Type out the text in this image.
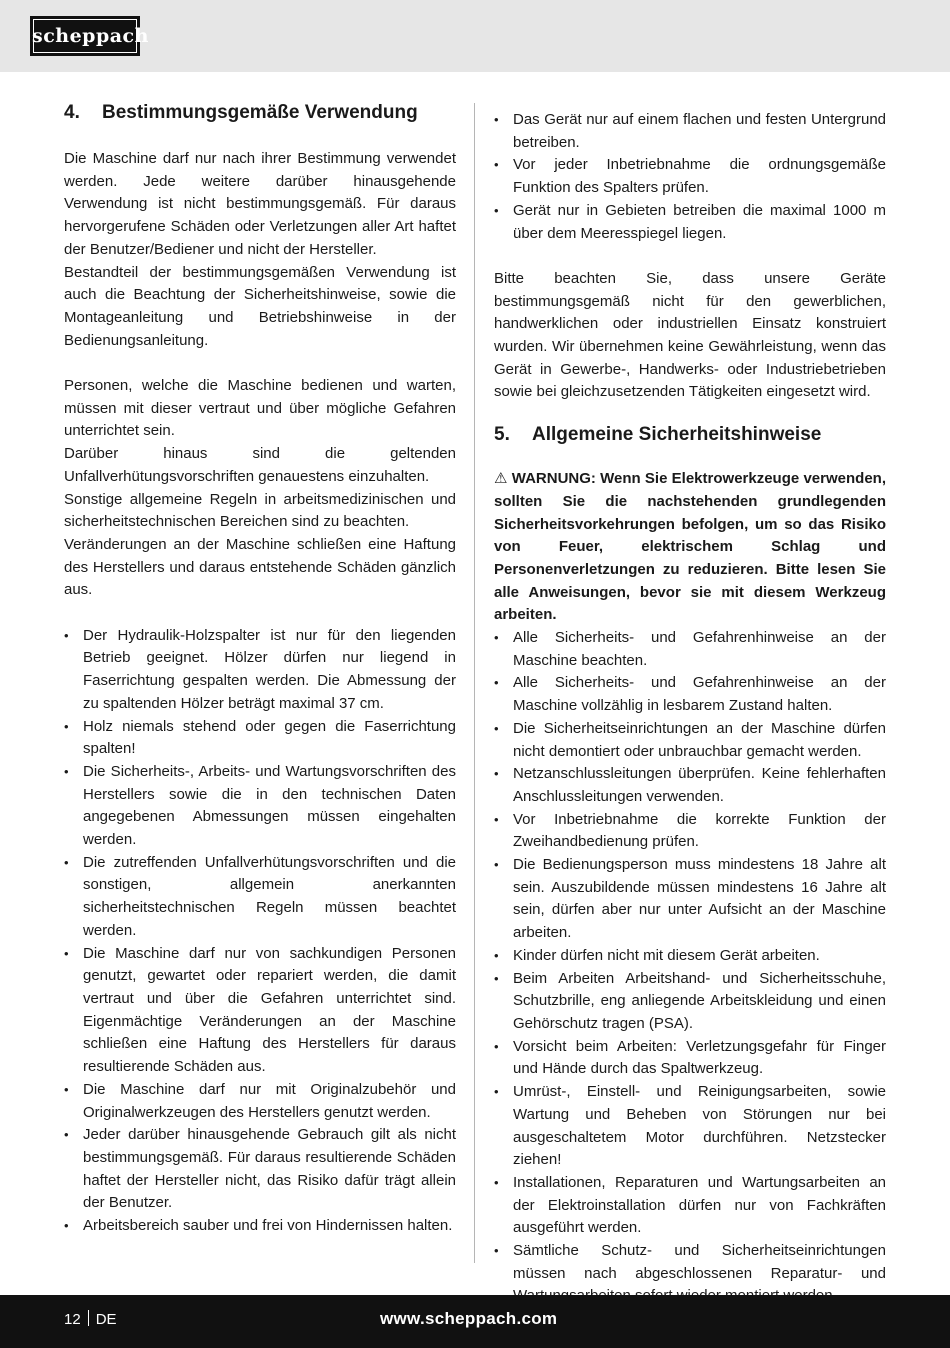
scheppach
4. Bestimmungsgemäße Verwendung

Die Maschine darf nur nach ihrer Bestimmung verwendet werden. Jede weitere darüber hinausgehende Verwendung ist nicht bestimmungsgemäß. Für daraus hervorgerufene Schäden oder Verletzungen aller Art haftet der Benutzer/Bediener und nicht der Hersteller.

Bestandteil der bestimmungsgemäßen Verwendung ist auch die Beachtung der Sicherheitshinweise, sowie die Montageanleitung und Betriebshinweise in der Bedienungsanleitung.

Personen, welche die Maschine bedienen und warten, müssen mit dieser vertraut und über mögliche Gefahren unterrichtet sein.

Darüber hinaus sind die geltenden Unfallverhütungsvorschriften genauestens einzuhalten.

Sonstige allgemeine Regeln in arbeitsmedizinischen und sicherheitstechnischen Bereichen sind zu beachten.

Veränderungen an der Maschine schließen eine Haftung des Herstellers und daraus entstehende Schäden gänzlich aus.

• Der Hydraulik-Holzspalter ist nur für den liegenden Betrieb geeignet. Hölzer dürfen nur liegend in Faserrichtung gespalten werden. Die Abmessung der zu spaltenden Hölzer beträgt maximal 37 cm.
• Holz niemals stehend oder gegen die Faserrichtung spalten!
• Die Sicherheits-, Arbeits- und Wartungsvorschriften des Herstellers sowie die in den technischen Daten angegebenen Abmessungen müssen eingehalten werden.
• Die zutreffenden Unfallverhütungsvorschriften und die sonstigen, allgemein anerkannten sicherheitstechnischen Regeln müssen beachtet werden.
• Die Maschine darf nur von sachkundigen Personen genutzt, gewartet oder repariert werden, die damit vertraut und über die Gefahren unterrichtet sind. Eigenmächtige Veränderungen an der Maschine schließen eine Haftung des Herstellers für daraus resultierende Schäden aus.
• Die Maschine darf nur mit Originalzubehör und Originalwerkzeugen des Herstellers genutzt werden.
• Jeder darüber hinausgehende Gebrauch gilt als nicht bestimmungsgemäß. Für daraus resultierende Schäden haftet der Hersteller nicht, das Risiko dafür trägt allein der Benutzer.
• Arbeitsbereich sauber und frei von Hindernissen halten.
• Das Gerät nur auf einem flachen und festen Untergrund betreiben.
• Vor jeder Inbetriebnahme die ordnungsgemäße Funktion des Spalters prüfen.
• Gerät nur in Gebieten betreiben die maximal 1000 m über dem Meeresspiegel liegen.

Bitte beachten Sie, dass unsere Geräte bestimmungsgemäß nicht für den gewerblichen, handwerklichen oder industriellen Einsatz konstruiert wurden. Wir übernehmen keine Gewährleistung, wenn das Gerät in Gewerbe-, Handwerks- oder Industriebetrieben sowie bei gleichzusetzenden Tätigkeiten eingesetzt wird.

5. Allgemeine Sicherheitshinweise

⚠ WARNUNG: Wenn Sie Elektrowerkzeuge verwenden, sollten Sie die nachstehenden grundlegenden Sicherheitsvorkehrungen befolgen, um so das Risiko von Feuer, elektrischem Schlag und Personenverletzungen zu reduzieren. Bitte lesen Sie alle Anweisungen, bevor sie mit diesem Werkzeug arbeiten.

• Alle Sicherheits- und Gefahrenhinweise an der Maschine beachten.
• Alle Sicherheits- und Gefahrenhinweise an der Maschine vollzählig in lesbarem Zustand halten.
• Die Sicherheitseinrichtungen an der Maschine dürfen nicht demontiert oder unbrauchbar gemacht werden.
• Netzanschlussleitungen überprüfen. Keine fehlerhaften Anschlussleitungen verwenden.
• Vor Inbetriebnahme die korrekte Funktion der Zweihandbedienung prüfen.
• Die Bedienungsperson muss mindestens 18 Jahre alt sein. Auszubildende müssen mindestens 16 Jahre alt sein, dürfen aber nur unter Aufsicht an der Maschine arbeiten.
• Kinder dürfen nicht mit diesem Gerät arbeiten.
• Beim Arbeiten Arbeitshand- und Sicherheitsschuhe, Schutzbrille, eng anliegende Arbeitskleidung und einen Gehörschutz tragen (PSA).
• Vorsicht beim Arbeiten: Verletzungsgefahr für Finger und Hände durch das Spaltwerkzeug.
• Umrüst-, Einstell- und Reinigungsarbeiten, sowie Wartung und Beheben von Störungen nur bei ausgeschaltetem Motor durchführen. Netzstecker ziehen!
• Installationen, Reparaturen und Wartungsarbeiten an der Elektroinstallation dürfen nur von Fachkräften ausgeführt werden.
• Sämtliche Schutz- und Sicherheitseinrichtungen müssen nach abgeschlossenen Reparatur- und
12 DE	www.scheppach.com
